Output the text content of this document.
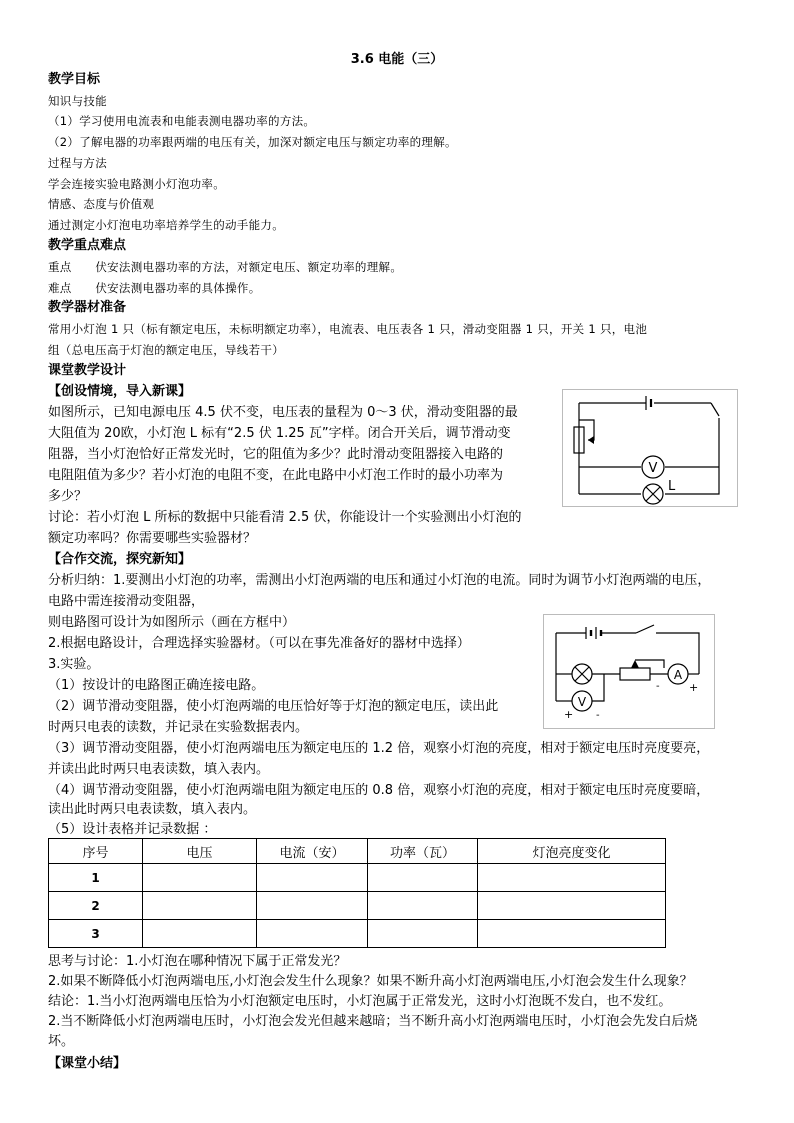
3.6 电能（三）
教学目标
知识与技能
（1）学习使用电流表和电能表测电器功率的方法。
（2）了解电器的功率跟两端的电压有关，加深对额定电压与额定功率的理解。
过程与方法
学会连接实验电路测小灯泡功率。
情感、态度与价值观
通过测定小灯泡电功率培养学生的动手能力。
教学重点难点
重点      伏安法测电器功率的方法，对额定电压、额定功率的理解。
难点      伏安法测电器功率的具体操作。
教学器材准备
常用小灯泡 1 只（标有额定电压，未标明额定功率），电流表、电压表各 1 只，滑动变阻器 1 只，开关 1 只，电池
组（总电压高于灯泡的额定电压，导线若干）
课堂教学设计
【创设情境，导入新课】
如图所示，已知电源电压 4.5 伏不变，电压表的量程为 0～3 伏，滑动变阻器的最
大阻值为 20欧，小灯泡 L 标有“2.5 伏 1.25 瓦”字样。闭合开关后，调节滑动变
阻器，当小灯泡恰好正常发光时，它的阻值为多少？此时滑动变阻器接入电路的
电阻阻值为多少？若小灯泡的电阻不变，在此电路中小灯泡工作时的最小功率为
多少？
讨论：若小灯泡 L 所标的数据中只能看清 2.5 伏，你能设计一个实验测出小灯泡的
额定功率吗？你需要哪些实验器材？
【合作交流，探究新知】
分析归纳：1.要测出小灯泡的功率，需测出小灯泡两端的电压和通过小灯泡的电流。同时为调节小灯泡两端的电压，
电路中需连接滑动变阻器，
则电路图可设计为如图所示（画在方框中）
2.根据电路设计，合理选择实验器材。（可以在事先准备好的器材中选择）
3.实验。
（1）按设计的电路图正确连接电路。
（2）调节滑动变阻器，使小灯泡两端的电压恰好等于灯泡的额定电压，读出此
时两只电表的读数，并记录在实验数据表内。
（3）调节滑动变阻器，使小灯泡两端电压为额定电压的 1.2 倍，观察小灯泡的亮度，相对于额定电压时亮度要亮，
并读出此时两只电表读数，填入表内。
（4）调节滑动变阻器，使小灯泡两端电阻为额定电压的 0.8 倍，观察小灯泡的亮度，相对于额定电压时亮度要暗，
读出此时两只电表读数，填入表内。
（5）设计表格并记录数据 ：
V
L
A
V
-	+
+ -
序号	电压	电流（安）	功率（瓦）	灯泡亮度变化
1				
2				
3				
思考与讨论：1.小灯泡在哪种情况下属于正常发光？
2.如果不断降低小灯泡两端电压,小灯泡会发生什么现象？如果不断升高小灯泡两端电压,小灯泡会发生什么现象？
结论：1.当小灯泡两端电压恰为小灯泡额定电压时，小灯泡属于正常发光，这时小灯泡既不发白，也不发红。
2.当不断降低小灯泡两端电压时，小灯泡会发光但越来越暗；当不断升高小灯泡两端电压时，小灯泡会先发白后烧
坏。
【课堂小结】
